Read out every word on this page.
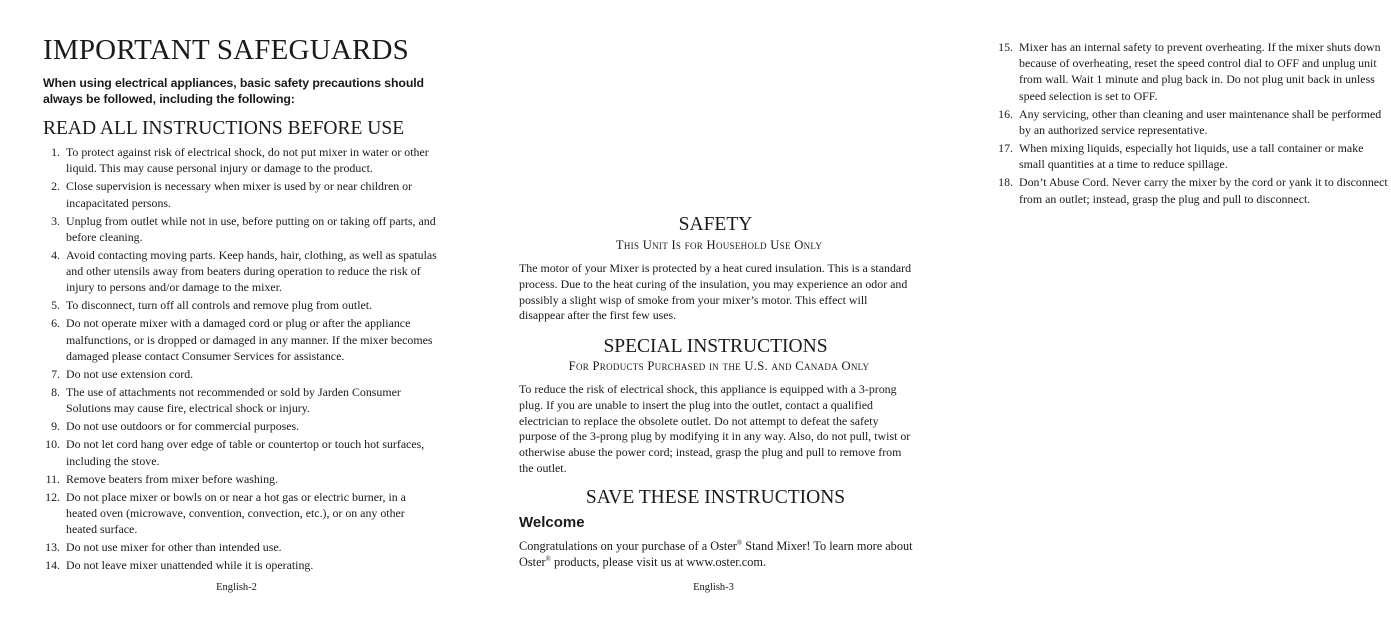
IMPORTANT SAFEGUARDS

When using electrical appliances, basic safety precautions should always be followed, including the following:

READ ALL INSTRUCTIONS BEFORE USE
1. To protect against risk of electrical shock, do not put mixer in water or other liquid. This may cause personal injury or damage to the product.
2. Close supervision is necessary when mixer is used by or near children or incapacitated persons.
3. Unplug from outlet while not in use, before putting on or taking off parts, and before cleaning.
4. Avoid contacting moving parts. Keep hands, hair, clothing, as well as spatulas and other utensils away from beaters during operation to reduce the risk of injury to persons and/or damage to the mixer.
5. To disconnect, turn off all controls and remove plug from outlet.
6. Do not operate mixer with a damaged cord or plug or after the appliance malfunctions, or is dropped or damaged in any manner. If the mixer becomes damaged please contact Consumer Services for assistance.
7. Do not use extension cord.
8. The use of attachments not recommended or sold by Jarden Consumer Solutions may cause fire, electrical shock or injury.
9. Do not use outdoors or for commercial purposes.
10. Do not let cord hang over edge of table or countertop or touch hot surfaces, including the stove.
11. Remove beaters from mixer before washing.
12. Do not place mixer or bowls on or near a hot gas or electric burner, in a heated oven (microwave, convention, convection, etc.), or on any other heated surface.
13. Do not use mixer for other than intended use.
14. Do not leave mixer unattended while it is operating.
English-2
15. Mixer has an internal safety to prevent overheating. If the mixer shuts down because of overheating, reset the speed control dial to OFF and unplug unit from wall. Wait 1 minute and plug back in. Do not plug unit back in unless speed selection is set to OFF.
16. Any servicing, other than cleaning and user maintenance shall be performed by an authorized service representative.
17. When mixing liquids, especially hot liquids, use a tall container or make small quantities at a time to reduce spillage.
18. Don’t Abuse Cord. Never carry the mixer by the cord or yank it to disconnect from an outlet; instead, grasp the plug and pull to disconnect.
SAFETY
This Unit Is for Household Use Only

The motor of your Mixer is protected by a heat cured insulation. This is a standard process. Due to the heat curing of the insulation, you may experience an odor and possibly a slight wisp of smoke from your mixer’s motor. This effect will disappear after the first few uses.

SPECIAL INSTRUCTIONS
For Products Purchased in the U.S. and Canada Only

To reduce the risk of electrical shock, this appliance is equipped with a 3-prong plug. If you are unable to insert the plug into the outlet, contact a qualified electrician to replace the obsolete outlet. Do not attempt to defeat the safety purpose of the 3-prong plug by modifying it in any way. Also, do not pull, twist or otherwise abuse the power cord; instead, grasp the plug and pull to remove from the outlet.

SAVE THESE INSTRUCTIONS
Welcome

Congratulations on your purchase of a Oster® Stand Mixer! To learn more about Oster® products, please visit us at www.oster.com.

English-3
